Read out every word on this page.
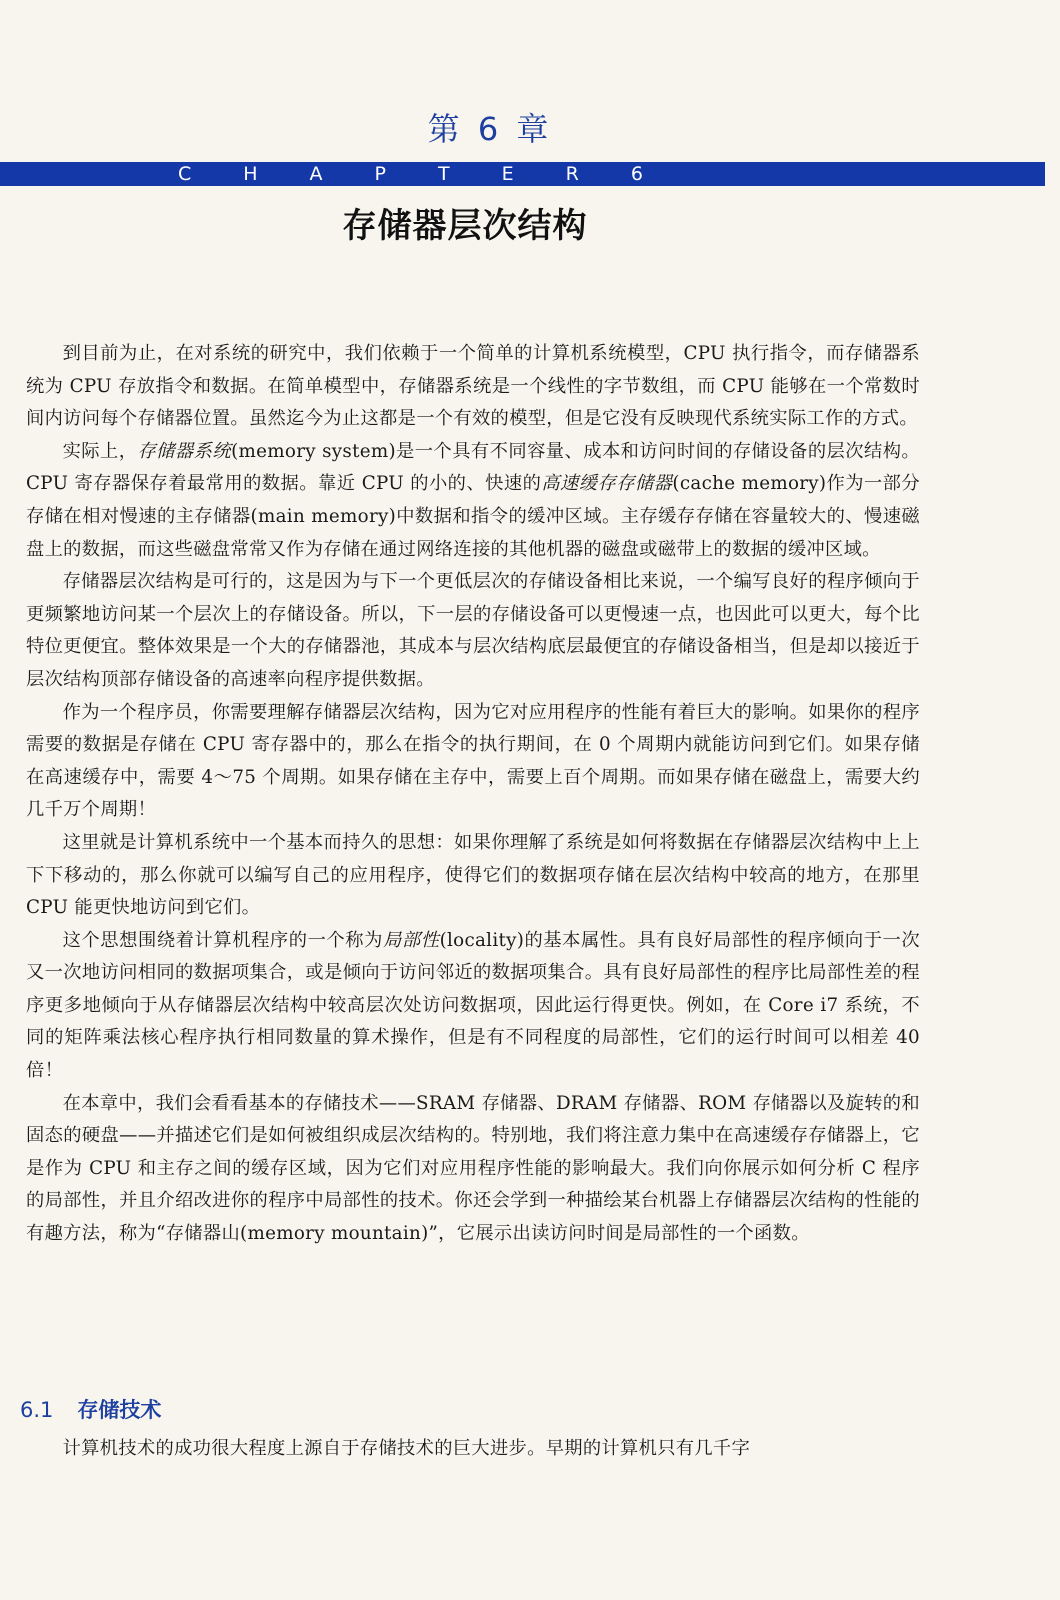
第 6 章
CHAPTER6
存储器层次结构

到目前为止，在对系统的研究中，我们依赖于一个简单的计算机系统模型，CPU 执行指令，而存储器系统为 CPU 存放指令和数据。在简单模型中，存储器系统是一个线性的字节数组，而 CPU 能够在一个常数时间内访问每个存储器位置。虽然迄今为止这都是一个有效的模型，但是它没有反映现代系统实际工作的方式。

实际上，存储器系统(memory system)是一个具有不同容量、成本和访问时间的存储设备的层次结构。CPU 寄存器保存着最常用的数据。靠近 CPU 的小的、快速的高速缓存存储器(cache memory)作为一部分存储在相对慢速的主存储器(main memory)中数据和指令的缓冲区域。主存缓存存储在容量较大的、慢速磁盘上的数据，而这些磁盘常常又作为存储在通过网络连接的其他机器的磁盘或磁带上的数据的缓冲区域。

存储器层次结构是可行的，这是因为与下一个更低层次的存储设备相比来说，一个编写良好的程序倾向于更频繁地访问某一个层次上的存储设备。所以，下一层的存储设备可以更慢速一点，也因此可以更大，每个比特位更便宜。整体效果是一个大的存储器池，其成本与层次结构底层最便宜的存储设备相当，但是却以接近于层次结构顶部存储设备的高速率向程序提供数据。

作为一个程序员，你需要理解存储器层次结构，因为它对应用程序的性能有着巨大的影响。如果你的程序需要的数据是存储在 CPU 寄存器中的，那么在指令的执行期间，在 0 个周期内就能访问到它们。如果存储在高速缓存中，需要 4～75 个周期。如果存储在主存中，需要上百个周期。而如果存储在磁盘上，需要大约几千万个周期！

这里就是计算机系统中一个基本而持久的思想：如果你理解了系统是如何将数据在存储器层次结构中上上下下移动的，那么你就可以编写自己的应用程序，使得它们的数据项存储在层次结构中较高的地方，在那里 CPU 能更快地访问到它们。

这个思想围绕着计算机程序的一个称为局部性(locality)的基本属性。具有良好局部性的程序倾向于一次又一次地访问相同的数据项集合，或是倾向于访问邻近的数据项集合。具有良好局部性的程序比局部性差的程序更多地倾向于从存储器层次结构中较高层次处访问数据项，因此运行得更快。例如，在 Core i7 系统，不同的矩阵乘法核心程序执行相同数量的算术操作，但是有不同程度的局部性，它们的运行时间可以相差 40 倍！

在本章中，我们会看看基本的存储技术——SRAM 存储器、DRAM 存储器、ROM 存储器以及旋转的和固态的硬盘——并描述它们是如何被组织成层次结构的。特别地，我们将注意力集中在高速缓存存储器上，它是作为 CPU 和主存之间的缓存区域，因为它们对应用程序性能的影响最大。我们向你展示如何分析 C 程序的局部性，并且介绍改进你的程序中局部性的技术。你还会学到一种描绘某台机器上存储器层次结构的性能的有趣方法，称为“存储器山(memory mountain)”，它展示出读访问时间是局部性的一个函数。

6.1 存储技术

计算机技术的成功很大程度上源自于存储技术的巨大进步。早期的计算机只有几千字
